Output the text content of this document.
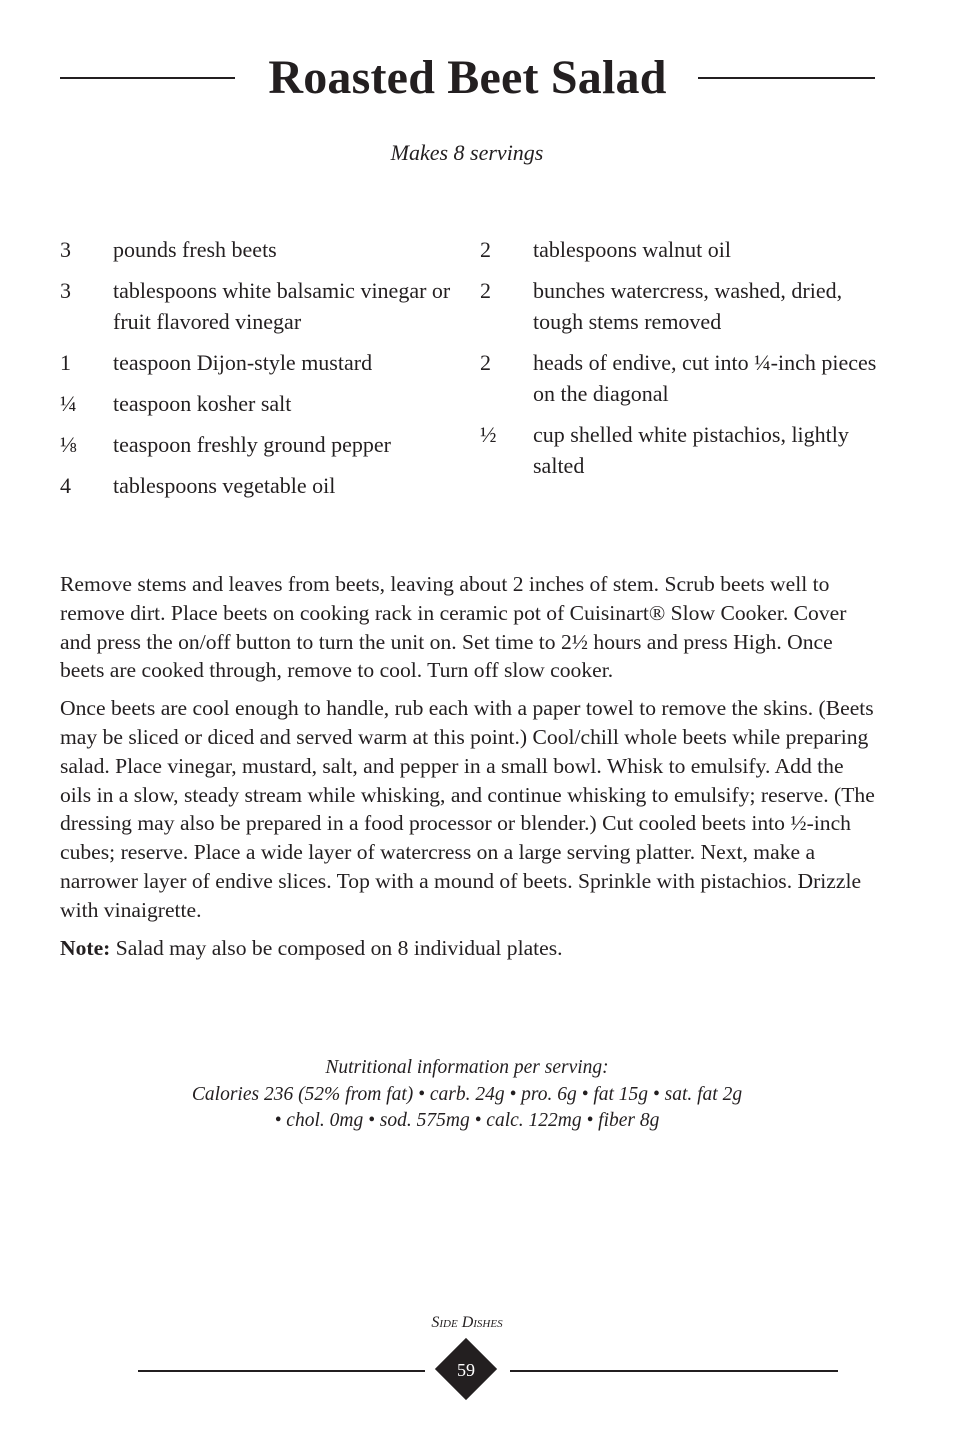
Roasted Beet Salad
Makes 8 servings
3	pounds fresh beets
3	tablespoons white balsamic vinegar or fruit flavored vinegar
1	teaspoon Dijon-style mustard
¼	teaspoon kosher salt
⅛	teaspoon freshly ground pepper
4	tablespoons vegetable oil
2	tablespoons walnut oil
2	bunches watercress, washed, dried, tough stems removed
2	heads of endive, cut into ¼-inch pieces on the diagonal
½	cup shelled white pistachios, lightly salted

Remove stems and leaves from beets, leaving about 2 inches of stem. Scrub beets well to remove dirt. Place beets on cooking rack in ceramic pot of Cuisinart® Slow Cooker. Cover and press the on/off button to turn the unit on. Set time to 2½ hours and press High. Once beets are cooked through, remove to cool. Turn off slow cooker.

Once beets are cool enough to handle, rub each with a paper towel to remove the skins. (Beets may be sliced or diced and served warm at this point.) Cool/chill whole beets while preparing salad. Place vinegar, mustard, salt, and pepper in a small bowl. Whisk to emulsify. Add the oils in a slow, steady stream while whisking, and continue whisking to emulsify; reserve. (The dressing may also be prepared in a food processor or blender.) Cut cooled beets into ½-inch cubes; reserve. Place a wide layer of watercress on a large serving platter. Next, make a narrower layer of endive slices. Top with a mound of beets. Sprinkle with pistachios. Drizzle with vinaigrette.

Note: Salad may also be composed on 8 individual plates.

Nutritional information per serving:
Calories 236 (52% from fat) • carb. 24g • pro. 6g • fat 15g • sat. fat 2g
• chol. 0mg • sod. 575mg • calc. 122mg • fiber 8g
Side Dishes
59
